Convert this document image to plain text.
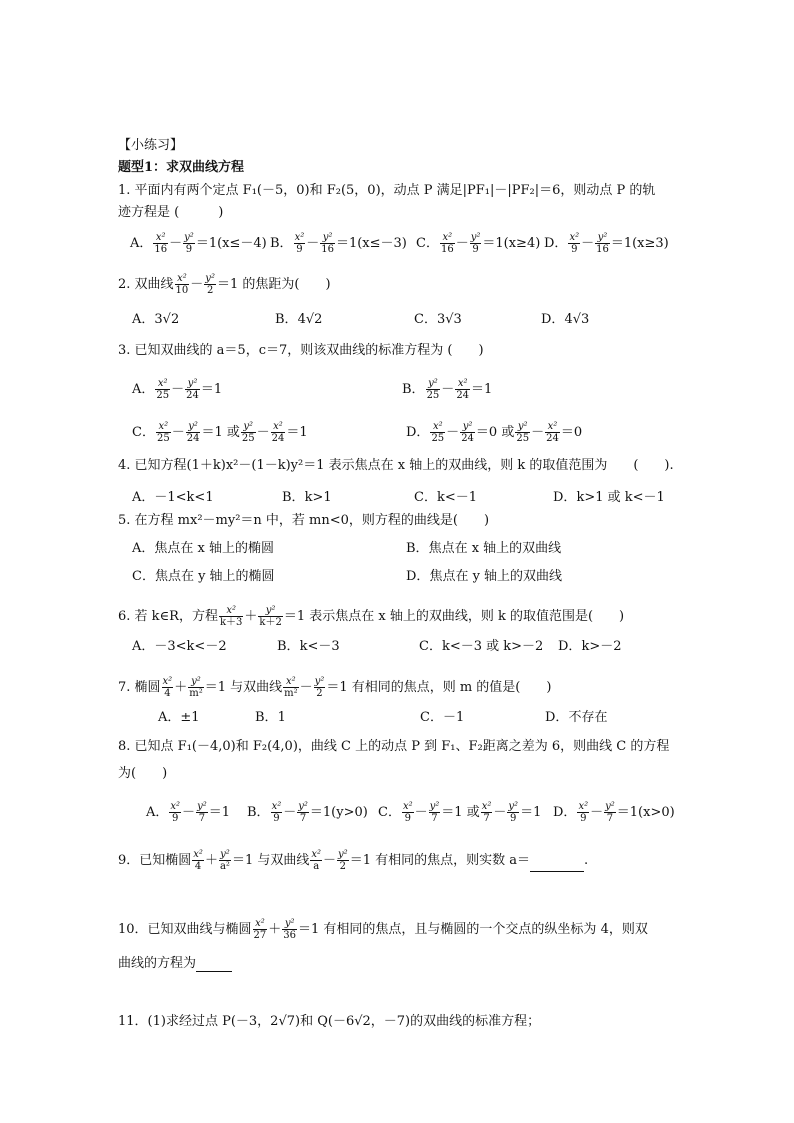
【小练习】
题型1：求双曲线方程
1. 平面内有两个定点 F₁(－5，0)和 F₂(5，0)，动点 P 满足|PF₁|－|PF₂|＝6，则动点 P 的轨
迹方程是 (　　　)
A． $\frac{\text{x²}}{16} - \frac{\text{y²}}{9} =1(x\le-4)$ B． $\frac{\text{x²}}{9} - \frac{\text{y²}}{16} =1(x\le-3)$ C． $\frac{\text{x²}}{16} - \frac{\text{y²}}{9} =1(x\ge 4)$ D． $\frac{\text{x²}}{9} - \frac{\text{y²}}{16} =1(x\ge 3)$
2. 双曲线 $\frac{\text{x²}}{10} - \frac{\text{y²}}{2} =1$ 的焦距为(　　)
A．3√2	B．4√2	C．3√3	D．4√3
3. 已知双曲线的 a＝5，c＝7，则该双曲线的标准方程为 (　　)
A． $\frac{\text{x²}}{25} - \frac{\text{y²}}{24} =1$	B． $\frac{\text{y²}}{25} - \frac{\text{x²}}{24} =1$
C． $\frac{\text{x²}}{25} - \frac{\text{y²}}{24} =1$ 或 $\frac{\text{y²}}{25} - \frac{\text{x²}}{24} =1$	D． $\frac{\text{x²}}{25} - \frac{\text{y²}}{24} =0$ 或 $\frac{\text{y²}}{25} - \frac{\text{x²}}{24} =0$
4. 已知方程(1＋k)x²－(1－k)y²＝1 表示焦点在 x 轴上的双曲线，则 k 的取值范围为　　(　　).
A．－1<k<1	B．k>1	C．k<－1	D．k>1 或 k<－1
5. 在方程 mx²－my²＝n 中，若 mn<0，则方程的曲线是(　　)
A．焦点在 x 轴上的椭圆	B．焦点在 x 轴上的双曲线
C．焦点在 y 轴上的椭圆	D．焦点在 y 轴上的双曲线
6. 若 k∈R，方程 $\frac{\text{x²}}{k+3} + \frac{\text{y²}}{k+2} =1$ 表示焦点在 x 轴上的双曲线，则 k 的取值范围是(　　)
A．－3<k<－2	B．k<－3	C．k<－3 或 k>－2 D．k>－2
7. 椭圆 $\frac{\text{x²}}{4} + \frac{\text{y²}}{\text{m²}} =1$ 与双曲线 $\frac{\text{x²}}{\text{m²}} - \frac{\text{y²}}{2} =1$ 有相同的焦点，则 m 的值是(　　)
A．±1	B．1	C．－1	D．不存在
8. 已知点 F₁(－4,0)和 F₂(4,0)，曲线 C 上的动点 P 到 F₁、F₂距离之差为 6，则曲线 C 的方程
为(　　)
A． $\frac{\text{x²}}{9} - \frac{\text{y²}}{7} =1$ B． $\frac{\text{x²}}{9} - \frac{\text{y²}}{7} =1(y>0)$ C． $\frac{\text{x²}}{9} - \frac{\text{y²}}{7} =1$ 或 $\frac{\text{x²}}{7} - \frac{\text{y²}}{9} =1$ D． $\frac{\text{x²}}{9} - \frac{\text{y²}}{7} =1(x>0)$
9．已知椭圆 $\frac{\text{x²}}{4} + \frac{\text{y²}}{\text{a²}} =1$ 与双曲线 $\frac{\text{x²}}{a} - \frac{\text{y²}}{2} =1$ 有相同的焦点，则实数 a＝	.
10．已知双曲线与椭圆 $\frac{\text{x²}}{27} + \frac{\text{y²}}{36} =1$ 有相同的焦点，且与椭圆的一个交点的纵坐标为 4，则双
曲线的方程为
11．(1)求经过点 P(－3，2√7)和 Q(－6√2，－7)的双曲线的标准方程；
